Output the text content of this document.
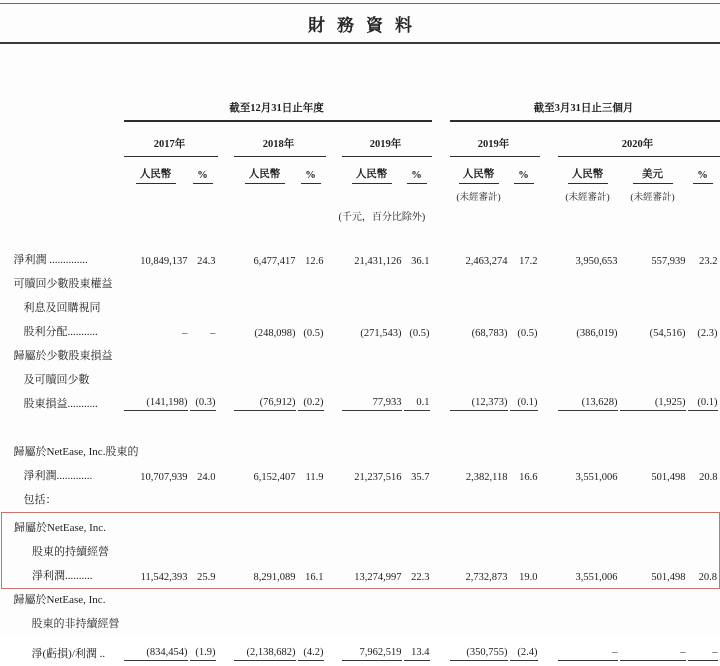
財務資料
	截至12月31日止年度									截至3月31日止三個月					
	2017年			2018年			2019年			2019年			2020年		
	人民幣	%		人民幣	%		人民幣	%		人民幣	%		人民幣	美元	%
										(未經審計)			(未經審計)	(未經審計)	
(千元，百分比除外)															

淨利潤 ..............	10,849,137	24.3		6,477,417	12.6		21,431,126	36.1		2,463,274	17.2		3,950,653	557,939	23.2
可贖回少數股東權益															
利息及回購視同															
股利分配...........	–	–		(248,098)	(0.5)		(271,543)	(0.5)		(68,783)	(0.5)		(386,019)	(54,516)	(2.3)
歸屬於少數股東損益															
及可贖回少數															
股東損益...........	(141,198)	(0.3)		(76,912)	(0.2)		77,933	0.1		(12,373)	(0.1)		(13,628)	(1,925)	(0.1)

歸屬於NetEase, Inc.股東的															
淨利潤.............	10,707,939	24.0		6,152,407	11.9		21,237,516	35.7		2,382,118	16.6		3,551,006	501,498	20.8
包括：															
歸屬於NetEase, Inc.															
股東的持續經營															
淨利潤..........	11,542,393	25.9		8,291,089	16.1		13,274,997	22.3		2,732,873	19.0		3,551,006	501,498	20.8
歸屬於NetEase, Inc.															
股東的非持續經營															
淨(虧損)/利潤 ..	(834,454)	(1.9)		(2,138,682)	(4.2)		7,962,519	13.4		(350,755)	(2.4)		–	–	–
